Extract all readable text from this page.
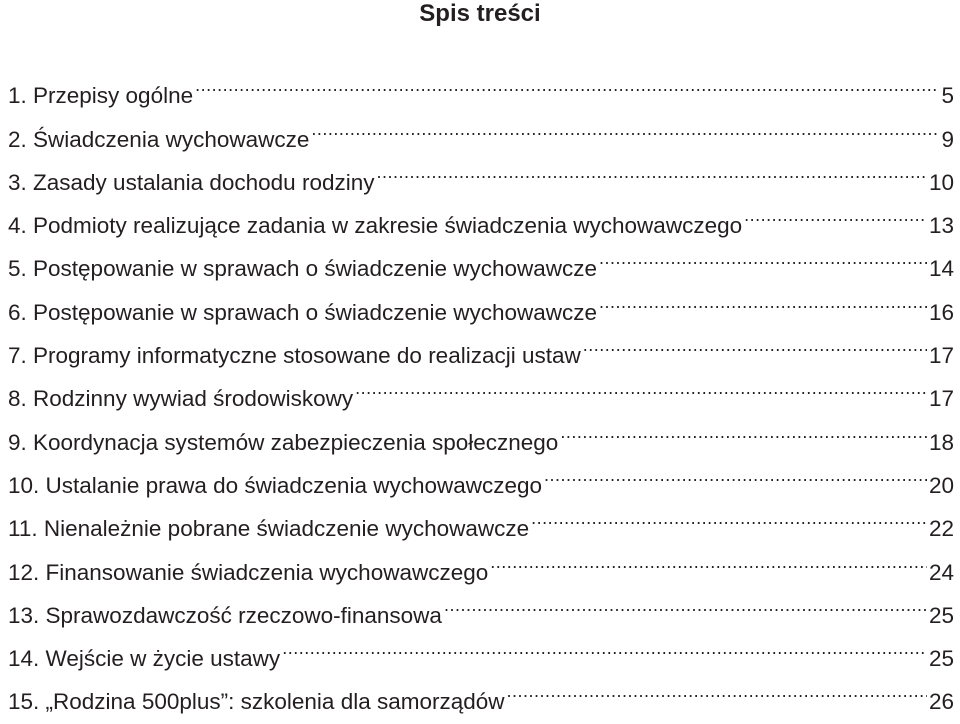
Spis treści
1. Przepisy ogólne .....	5
2. Świadczenia wychowawcze .....	9
3. Zasady ustalania dochodu rodziny .....	10
4. Podmioty realizujące zadania w zakresie świadczenia wychowawczego .....	13
5. Postępowanie w sprawach o świadczenie wychowawcze .....	14
6. Postępowanie w sprawach o świadczenie wychowawcze .....	16
7. Programy informatyczne stosowane do realizacji ustaw .....	17
8. Rodzinny wywiad środowiskowy .....	17
9. Koordynacja systemów zabezpieczenia społecznego .....	18
10. Ustalanie prawa do świadczenia wychowawczego .....	20
11. Nienależnie pobrane świadczenie wychowawcze .....	22
12. Finansowanie świadczenia wychowawczego .....	24
13. Sprawozdawczość rzeczowo-finansowa .....	25
14. Wejście w życie ustawy .....	25
15. „Rodzina 500plus”: szkolenia dla samorządów .....	26
